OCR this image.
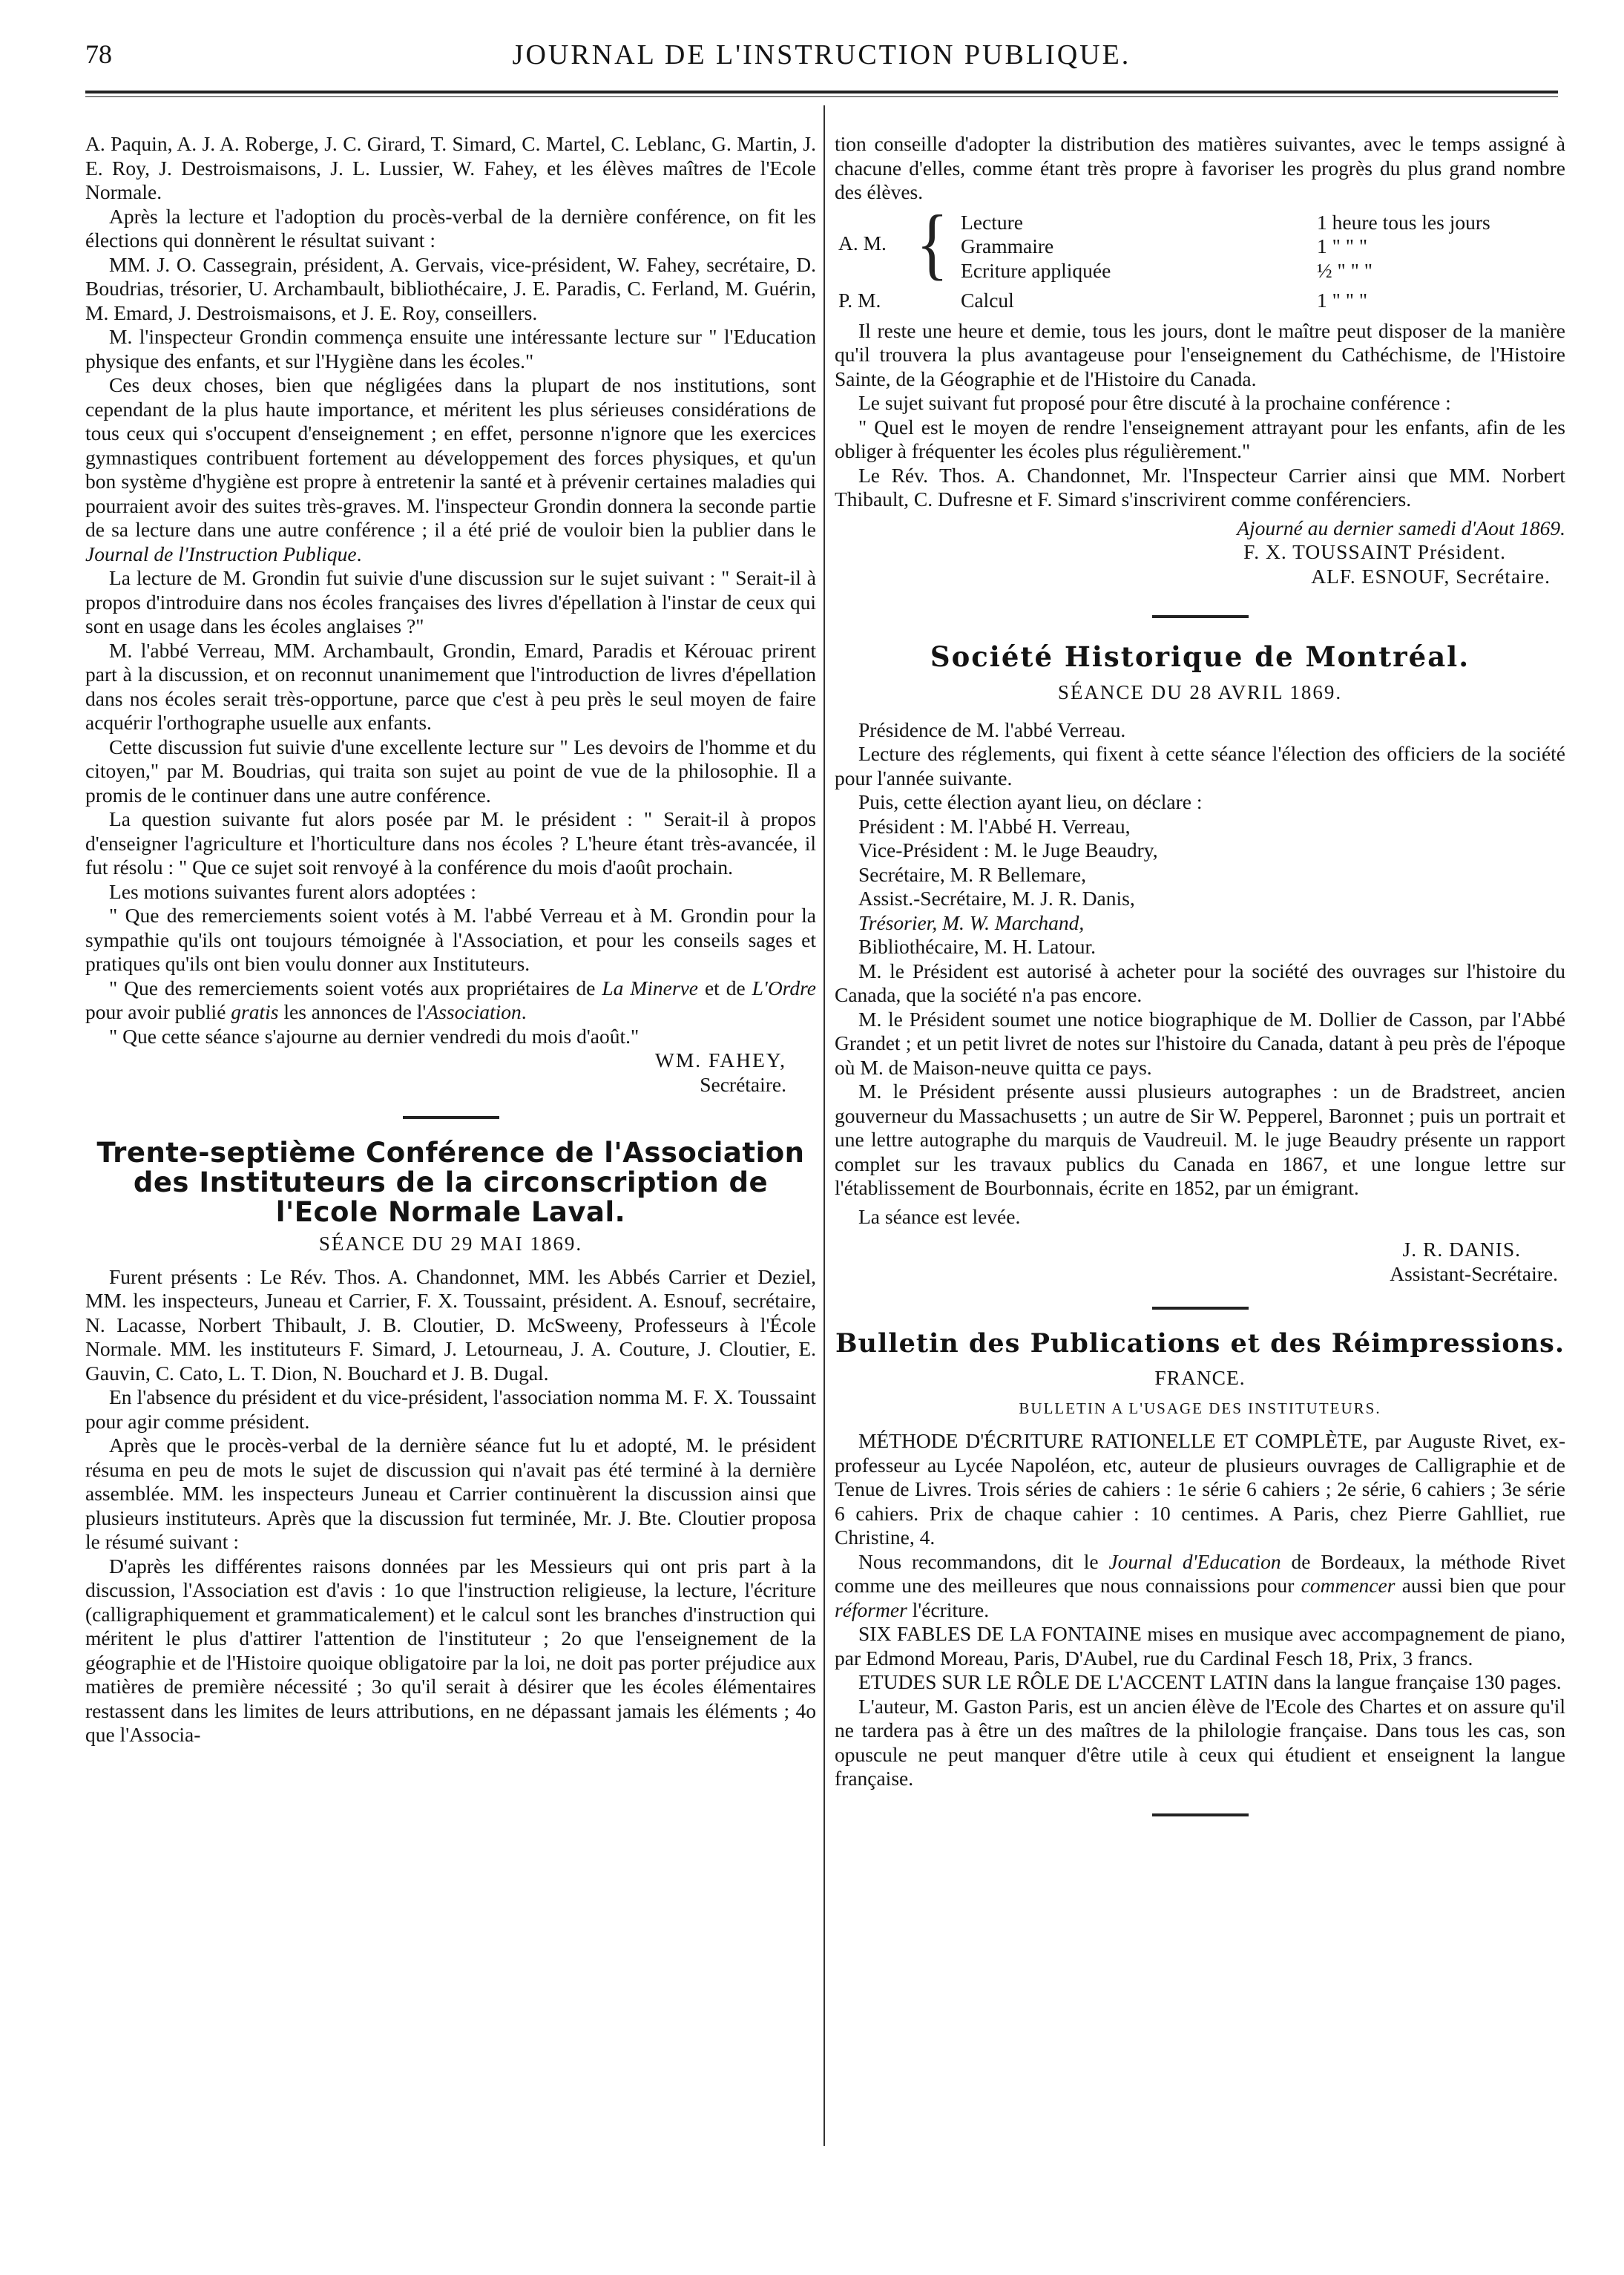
78	JOURNAL DE L'INSTRUCTION PUBLIQUE.

A. Paquin, A. J. A. Roberge, J. C. Girard, T. Simard, C. Martel, C. Leblanc, G. Martin, J. E. Roy, J. Destroismaisons, J. L. Lussier, W. Fahey, et les élèves maîtres de l'Ecole Normale.

Après la lecture et l'adoption du procès-verbal de la dernière conférence, on fit les élections qui donnèrent le résultat suivant :

MM. J. O. Cassegrain, président, A. Gervais, vice-président, W. Fahey, secrétaire, D. Boudrias, trésorier, U. Archambault, bibliothécaire, J. E. Paradis, C. Ferland, M. Guérin, M. Emard, J. Destroismaisons, et J. E. Roy, conseillers.

M. l'inspecteur Grondin commença ensuite une intéressante lecture sur " l'Education physique des enfants, et sur l'Hygiène dans les écoles."

Ces deux choses, bien que négligées dans la plupart de nos institutions, sont cependant de la plus haute importance, et méritent les plus sérieuses considérations de tous ceux qui s'occupent d'enseignement ; en effet, personne n'ignore que les exercices gymnastiques contribuent fortement au développement des forces physiques, et qu'un bon système d'hygiène est propre à entretenir la santé et à prévenir certaines maladies qui pourraient avoir des suites très-graves. M. l'inspecteur Grondin donnera la seconde partie de sa lecture dans une autre conférence ; il a été prié de vouloir bien la publier dans le Journal de l'Instruction Publique.

La lecture de M. Grondin fut suivie d'une discussion sur le sujet suivant : " Serait-il à propos d'introduire dans nos écoles françaises des livres d'épellation à l'instar de ceux qui sont en usage dans les écoles anglaises ?"

M. l'abbé Verreau, MM. Archambault, Grondin, Emard, Paradis et Kérouac prirent part à la discussion, et on reconnut unanimement que l'introduction de livres d'épellation dans nos écoles serait très-opportune, parce que c'est à peu près le seul moyen de faire acquérir l'orthographe usuelle aux enfants.

Cette discussion fut suivie d'une excellente lecture sur " Les devoirs de l'homme et du citoyen," par M. Boudrias, qui traita son sujet au point de vue de la philosophie. Il a promis de le continuer dans une autre conférence.

La question suivante fut alors posée par M. le président : " Serait-il à propos d'enseigner l'agriculture et l'horticulture dans nos écoles ? L'heure étant très-avancée, il fut résolu : " Que ce sujet soit renvoyé à la conférence du mois d'août prochain.

Les motions suivantes furent alors adoptées :

" Que des remerciements soient votés à M. l'abbé Verreau et à M. Grondin pour la sympathie qu'ils ont toujours témoignée à l'Association, et pour les conseils sages et pratiques qu'ils ont bien voulu donner aux Instituteurs.

" Que des remerciements soient votés aux propriétaires de La Minerve et de L'Ordre pour avoir publié gratis les annonces de l'Association.

" Que cette séance s'ajourne au dernier vendredi du mois d'août."

WM. FAHEY,

Secrétaire.

Trente-septième Conférence de l'Association des Instituteurs de la circonscription de l'Ecole Normale Laval.

SÉANCE DU 29 MAI 1869.

Furent présents : Le Rév. Thos. A. Chandonnet, MM. les Abbés Carrier et Deziel, MM. les inspecteurs, Juneau et Carrier, F. X. Toussaint, président. A. Esnouf, secrétaire, N. Lacasse, Norbert Thibault, J. B. Cloutier, D. McSweeny, Professeurs à l'École Normale. MM. les instituteurs F. Simard, J. Letourneau, J. A. Couture, J. Cloutier, E. Gauvin, C. Cato, L. T. Dion, N. Bouchard et J. B. Dugal.

En l'absence du président et du vice-président, l'association nomma M. F. X. Toussaint pour agir comme président.

Après que le procès-verbal de la dernière séance fut lu et adopté, M. le président résuma en peu de mots le sujet de discussion qui n'avait pas été terminé à la dernière assemblée. MM. les inspecteurs Juneau et Carrier continuèrent la discussion ainsi que plusieurs instituteurs. Après que la discussion fut terminée, Mr. J. Bte. Cloutier proposa le résumé suivant :

D'après les différentes raisons données par les Messieurs qui ont pris part à la discussion, l'Association est d'avis : 1o que l'instruction religieuse, la lecture, l'écriture (calligraphiquement et grammaticalement) et le calcul sont les branches d'instruction qui méritent le plus d'attirer l'attention de l'instituteur ; 2o que l'enseignement de la géographie et de l'Histoire quoique obligatoire par la loi, ne doit pas porter préjudice aux matières de première nécessité ; 3o qu'il serait à désirer que les écoles élémentaires restassent dans les limites de leurs attributions, en ne dépassant jamais les éléments ; 4o que l'Associa-

tion conseille d'adopter la distribution des matières suivantes, avec le temps assigné à chacune d'elles, comme étant très propre à favoriser les progrès du plus grand nombre des élèves.

A. M. { Lecture	1 heure tous les jours
Grammaire	1 " " "
Ecriture appliquée	½ " " "
P. M.	Calcul	1 " " "

Il reste une heure et demie, tous les jours, dont le maître peut disposer de la manière qu'il trouvera la plus avantageuse pour l'enseignement du Cathéchisme, de l'Histoire Sainte, de la Géographie et de l'Histoire du Canada.

Le sujet suivant fut proposé pour être discuté à la prochaine conférence :

" Quel est le moyen de rendre l'enseignement attrayant pour les enfants, afin de les obliger à fréquenter les écoles plus régulièrement."

Le Rév. Thos. A. Chandonnet, Mr. l'Inspecteur Carrier ainsi que MM. Norbert Thibault, C. Dufresne et F. Simard s'inscrivirent comme conférenciers.

Ajourné au dernier samedi d'Aout 1869.

F. X. TOUSSAINT Président.

ALF. ESNOUF, Secrétaire.

Société Historique de Montréal.

SÉANCE DU 28 AVRIL 1869.

Présidence de M. l'abbé Verreau.

Lecture des réglements, qui fixent à cette séance l'élection des officiers de la société pour l'année suivante.

Puis, cette élection ayant lieu, on déclare :

Président : M. l'Abbé H. Verreau,

Vice-Président : M. le Juge Beaudry,

Secrétaire, M. R Bellemare,

Assist.-Secrétaire, M. J. R. Danis,

Trésorier, M. W. Marchand,

Bibliothécaire, M. H. Latour.

M. le Président est autorisé à acheter pour la société des ouvrages sur l'histoire du Canada, que la société n'a pas encore.

M. le Président soumet une notice biographique de M. Dollier de Casson, par l'Abbé Grandet ; et un petit livret de notes sur l'histoire du Canada, datant à peu près de l'époque où M. de Maison-neuve quitta ce pays.

M. le Président présente aussi plusieurs autographes : un de Bradstreet, ancien gouverneur du Massachusetts ; un autre de Sir W. Pepperel, Baronnet ; puis un portrait et une lettre autographe du marquis de Vaudreuil. M. le juge Beaudry présente un rapport complet sur les travaux publics du Canada en 1867, et une longue lettre sur l'établissement de Bourbonnais, écrite en 1852, par un émigrant.

La séance est levée.

J. R. DANIS.

Assistant-Secrétaire.

Bulletin des Publications et des Réimpressions.

FRANCE.

BULLETIN A L'USAGE DES INSTITUTEURS.

MÉTHODE D'ÉCRITURE RATIONELLE ET COMPLÈTE, par Auguste Rivet, ex-professeur au Lycée Napoléon, etc, auteur de plusieurs ouvrages de Calligraphie et de Tenue de Livres. Trois séries de cahiers : 1e série 6 cahiers ; 2e série, 6 cahiers ; 3e série 6 cahiers. Prix de chaque cahier : 10 centimes. A Paris, chez Pierre Gahlliet, rue Christine, 4.

Nous recommandons, dit le Journal d'Education de Bordeaux, la méthode Rivet comme une des meilleures que nous connaissions pour commencer aussi bien que pour réformer l'écriture.

SIX FABLES DE LA FONTAINE mises en musique avec accompagnement de piano, par Edmond Moreau, Paris, D'Aubel, rue du Cardinal Fesch 18, Prix, 3 francs.

ETUDES SUR LE RÔLE DE L'ACCENT LATIN dans la langue française 130 pages.

L'auteur, M. Gaston Paris, est un ancien élève de l'Ecole des Chartes et on assure qu'il ne tardera pas à être un des maîtres de la philologie française. Dans tous les cas, son opuscule ne peut manquer d'être utile à ceux qui étudient et enseignent la langue française.
